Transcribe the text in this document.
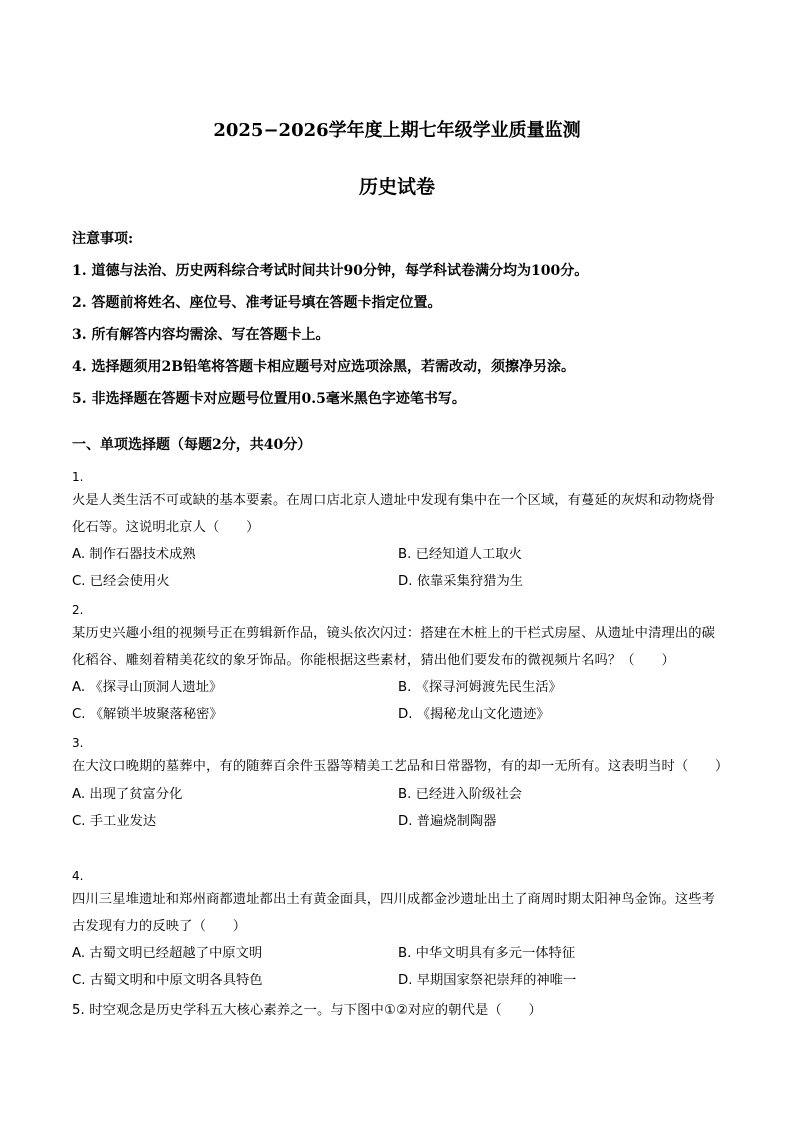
2025−2026学年度上期七年级学业质量监测
历史试卷
注意事项:
1. 道德与法治、历史两科综合考试时间共计90分钟，每学科试卷满分均为100分。
2. 答题前将姓名、座位号、准考证号填在答题卡指定位置。
3. 所有解答内容均需涂、写在答题卡上。
4. 选择题须用2B铅笔将答题卡相应题号对应选项涂黑，若需改动，须擦净另涂。
5. 非选择题在答题卡对应题号位置用0.5毫米黑色字迹笔书写。
一、单项选择题（每题2分，共40分）
1.
火是人类生活不可或缺的基本要素。在周口店北京人遗址中发现有集中在一个区域，有蔓延的灰烬和动物烧骨化石等。这说明北京人（　　）
A. 制作石器技术成熟	B. 已经知道人工取火
C. 已经会使用火	D. 依靠采集狩猎为生
2.
某历史兴趣小组的视频号正在剪辑新作品，镜头依次闪过：搭建在木桩上的干栏式房屋、从遗址中清理出的碳化稻谷、雕刻着精美花纹的象牙饰品。你能根据这些素材，猜出他们要发布的微视频片名吗？（　　）
A. 《探寻山顶洞人遗址》	B. 《探寻河姆渡先民生活》
C. 《解锁半坡聚落秘密》	D. 《揭秘龙山文化遗迹》
3.
在大汶口晚期的墓葬中，有的随葬百余件玉器等精美工艺品和日常器物，有的却一无所有。这表明当时（　　）
A. 出现了贫富分化	B. 已经进入阶级社会
C. 手工业发达	D. 普遍烧制陶器
4.
四川三星堆遗址和郑州商都遗址都出土有黄金面具，四川成都金沙遗址出土了商周时期太阳神鸟金饰。这些考古发现有力的反映了（　　）
A. 古蜀文明已经超越了中原文明	B. 中华文明具有多元一体特征
C. 古蜀文明和中原文明各具特色	D. 早期国家祭祀崇拜的神唯一
5. 时空观念是历史学科五大核心素养之一。与下图中①②对应的朝代是（　　）
